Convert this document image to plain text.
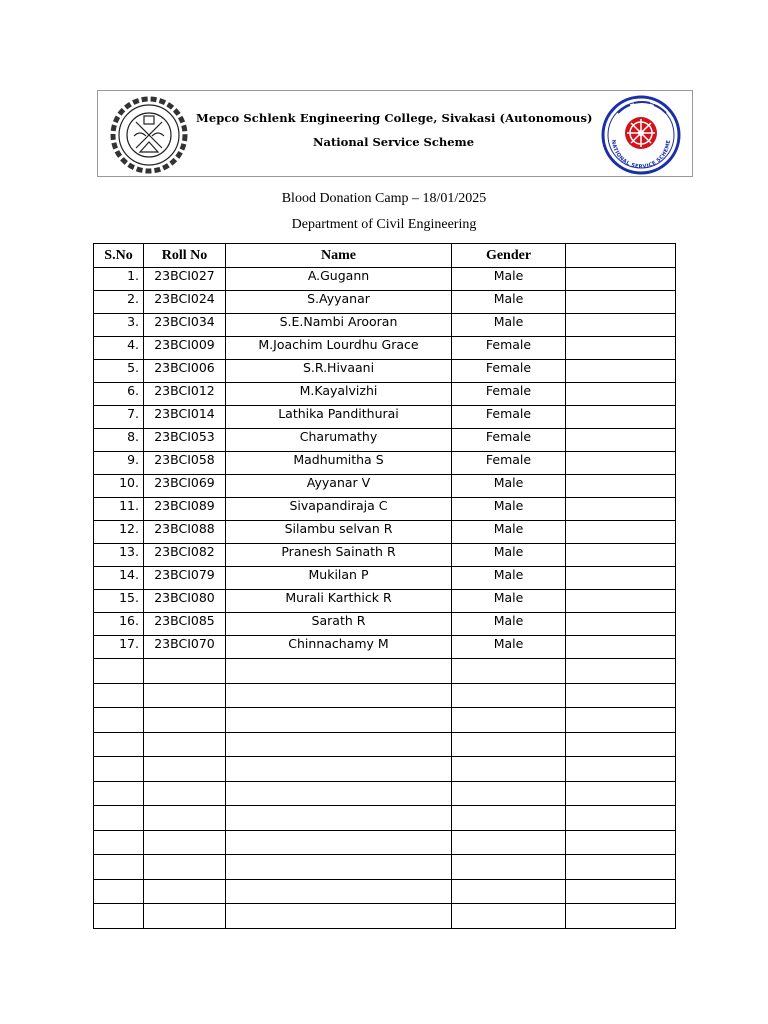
Mepco Schlenk Engineering College, Sivakasi (Autonomous)
National Service Scheme	NATIONAL SERVICE SCHEME
Blood Donation Camp – 18/01/2025
Department of Civil Engineering
S.No	Roll No	Name	Gender	
1.	23BCI027	A.Gugann	Male	
2.	23BCI024	S.Ayyanar	Male	
3.	23BCI034	S.E.Nambi Arooran	Male	
4.	23BCI009	M.Joachim Lourdhu Grace	Female	
5.	23BCI006	S.R.Hivaani	Female	
6.	23BCI012	M.Kayalvizhi	Female	
7.	23BCI014	Lathika Pandithurai	Female	
8.	23BCI053	Charumathy	Female	
9.	23BCI058	Madhumitha S	Female	
10.	23BCI069	Ayyanar V	Male	
11.	23BCI089	Sivapandiraja C	Male	
12.	23BCI088	Silambu selvan R	Male	
13.	23BCI082	Pranesh Sainath R	Male	
14.	23BCI079	Mukilan P	Male	
15.	23BCI080	Murali Karthick R	Male	
16.	23BCI085	Sarath R	Male	
17.	23BCI070	Chinnachamy M	Male	
